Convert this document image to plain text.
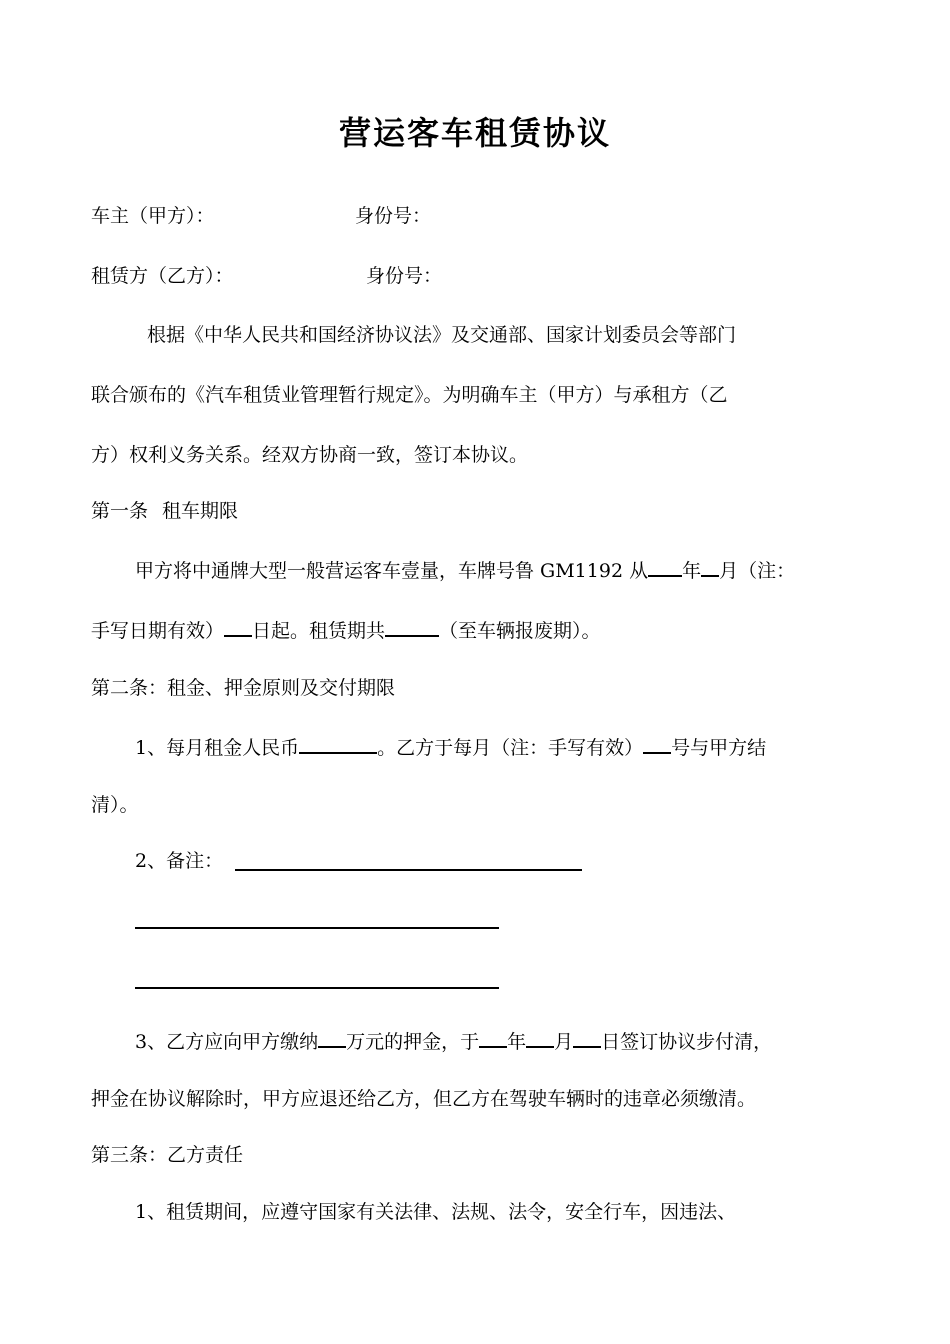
营运客车租赁协议
车主（甲方）：	身份号：
租赁方（乙方）：	身份号：
根据《中华人民共和国经济协议法》及交通部、国家计划委员会等部门
联合颁布的《汽车租赁业管理暂行规定》。为明确车主（甲方）与承租方（乙
方）权利义务关系。经双方协商一致，签订本协议。
第一条 租车期限
甲方将中通牌大型一般营运客车壹量，车牌号鲁 GM1192 从 年 月（注：
手写日期有效） 日起。租赁期共	（至车辆报废期）。
第二条：租金、押金原则及交付期限
1、每月租金人民币	。乙方于每月（注：手写有效） 号与甲方结
清）。
2、备注：
3、乙方应向甲方缴纳 万元的押金，于 年 月 日签订协议步付清，
押金在协议解除时，甲方应退还给乙方，但乙方在驾驶车辆时的违章必须缴清。
第三条：乙方责任
1、租赁期间，应遵守国家有关法律、法规、法令，安全行车，因违法、
